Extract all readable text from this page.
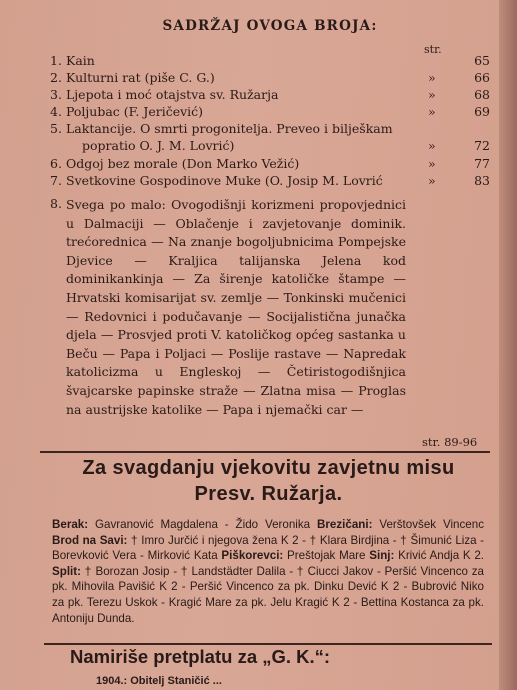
SADRŽAJ OVOGA BROJA:
str.
1. Kain	65
2. Kulturni rat (piše C. G.)	»	66
3. Ljepota i moć otajstva sv. Ružarja	»	68
4. Poljubac (F. Jeričević)	»	69
5. Laktancije. O smrti progonitelja. Preveo i bilješkam
popratio O. J. M. Lovrić)	»	72
6. Odgoj bez morale (Don Marko Vežić)	»	77
7. Svetkovine Gospodinove Muke (O. Josip M. Lovrić	»	83
8. Svega po malo: Ovogodišnji korizmeni propovjednici u Dalmaciji — Oblačenje i zavjetovanje dominik. trećorednica — Na znanje bogoljubnicima Pompejske Djevice — Kraljica talijanska Jelena kod dominikankinja — Za širenje katoličke štampe — Hrvatski komisarijat sv. zemlje — Tonkinski mučenici — Redovnici i podučavanje — Socijalistična junačka djela — Prosvjed proti V. katoličkog općeg sastanka u Beču — Papa i Poljaci — Poslije rastave — Napredak katolicizma u Engleskoj — Četiristogodišnjica švajcarske papinske straže — Zlatna misa — Proglas na austrijske katolike — Papa i njemački car —
str. 89-96
Za svagdanju vjekovitu zavjetnu misu
Presv. Ružarja.
Berak: Gavranović Magdalena - Žido Veronika Brezičani: Verštovšek Vincenc Brod na Savi: † Imro Jurčić i njegova žena K 2 - † Klara Birdjina - † Šimunić Liza - Borevković Vera - Mirković Kata Piškorevci: Preštojak Mare Sinj: Krivić Andja K 2. Split: † Borozan Josip - † Landstädter Dalila - † Ciucci Jakov - Peršić Vincenco za pk. Mihovila Pavišić K 2 - Peršić Vincenco za pk. Dinku Dević K 2 - Bubrović Niko za pk. Terezu Uskok - Kragić Mare za pk. Jelu Kragić K 2 - Bettina Kostanca za pk. Antoniju Dunda.
Namiriše pretplatu za „G. K.“:
1904.: Obitelj Staničić ...
